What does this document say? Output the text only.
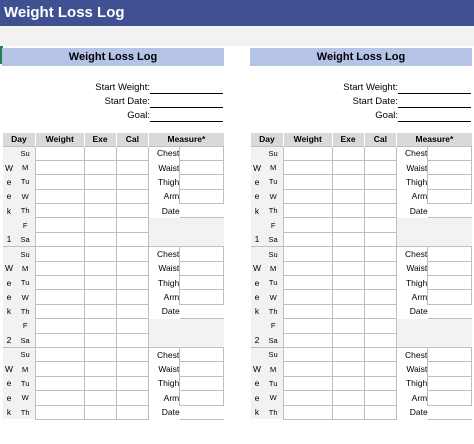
Weight Loss Log
Weight Loss Log
Start Weight:
Start Date:
Goal:
Day		Weight	Exe	Cal	Measure*	
	Su				Chest	
W	M				Waist	
e	Tu				Thigh	
e	W				Arm	
k	Th				Date	
	F					
1	Sa					
	Su				Chest	
W	M				Waist	
e	Tu				Thigh	
e	W				Arm	
k	Th				Date	
	F					
2	Sa					
	Su				Chest	
W	M				Waist	
e	Tu				Thigh	
e	W				Arm	
k	Th				Date	
Weight Loss Log
Start Weight:
Start Date:
Goal:
Day		Weight	Exe	Cal	Measure*	
	Su				Chest	
W	M				Waist	
e	Tu				Thigh	
e	W				Arm	
k	Th				Date	
	F					
1	Sa					
	Su				Chest	
W	M				Waist	
e	Tu				Thigh	
e	W				Arm	
k	Th				Date	
	F					
2	Sa					
	Su				Chest	
W	M				Waist	
e	Tu				Thigh	
e	W				Arm	
k	Th				Date	
